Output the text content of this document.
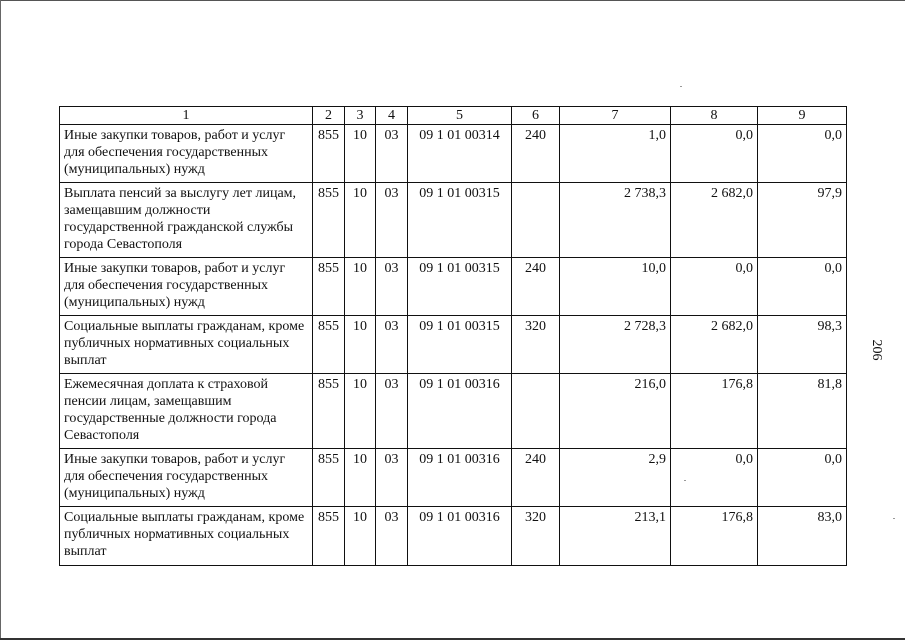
1	2	3	4	5	6	7	8	9
Иные закупки товаров, работ и услуг для обеспечения государственных (муниципальных) нужд	855	10	03	09 1 01 00314	240	1,0	0,0	0,0
Выплата пенсий за выслугу лет лицам, замещавшим должности государственной гражданской службы города Севастополя	855	10	03	09 1 01 00315		2 738,3	2 682,0	97,9
Иные закупки товаров, работ и услуг для обеспечения государственных (муниципальных) нужд	855	10	03	09 1 01 00315	240	10,0	0,0	0,0
Социальные выплаты гражданам, кроме публичных нормативных социальных выплат	855	10	03	09 1 01 00315	320	2 728,3	2 682,0	98,3
Ежемесячная доплата к страховой пенсии лицам, замещавшим государственные должности города Севастополя	855	10	03	09 1 01 00316		216,0	176,8	81,8
Иные закупки товаров, работ и услуг для обеспечения государственных (муниципальных) нужд	855	10	03	09 1 01 00316	240	2,9	0,0	0,0
Социальные выплаты гражданам, кроме публичных нормативных социальных выплат	855	10	03	09 1 01 00316	320	213,1	176,8	83,0
206
